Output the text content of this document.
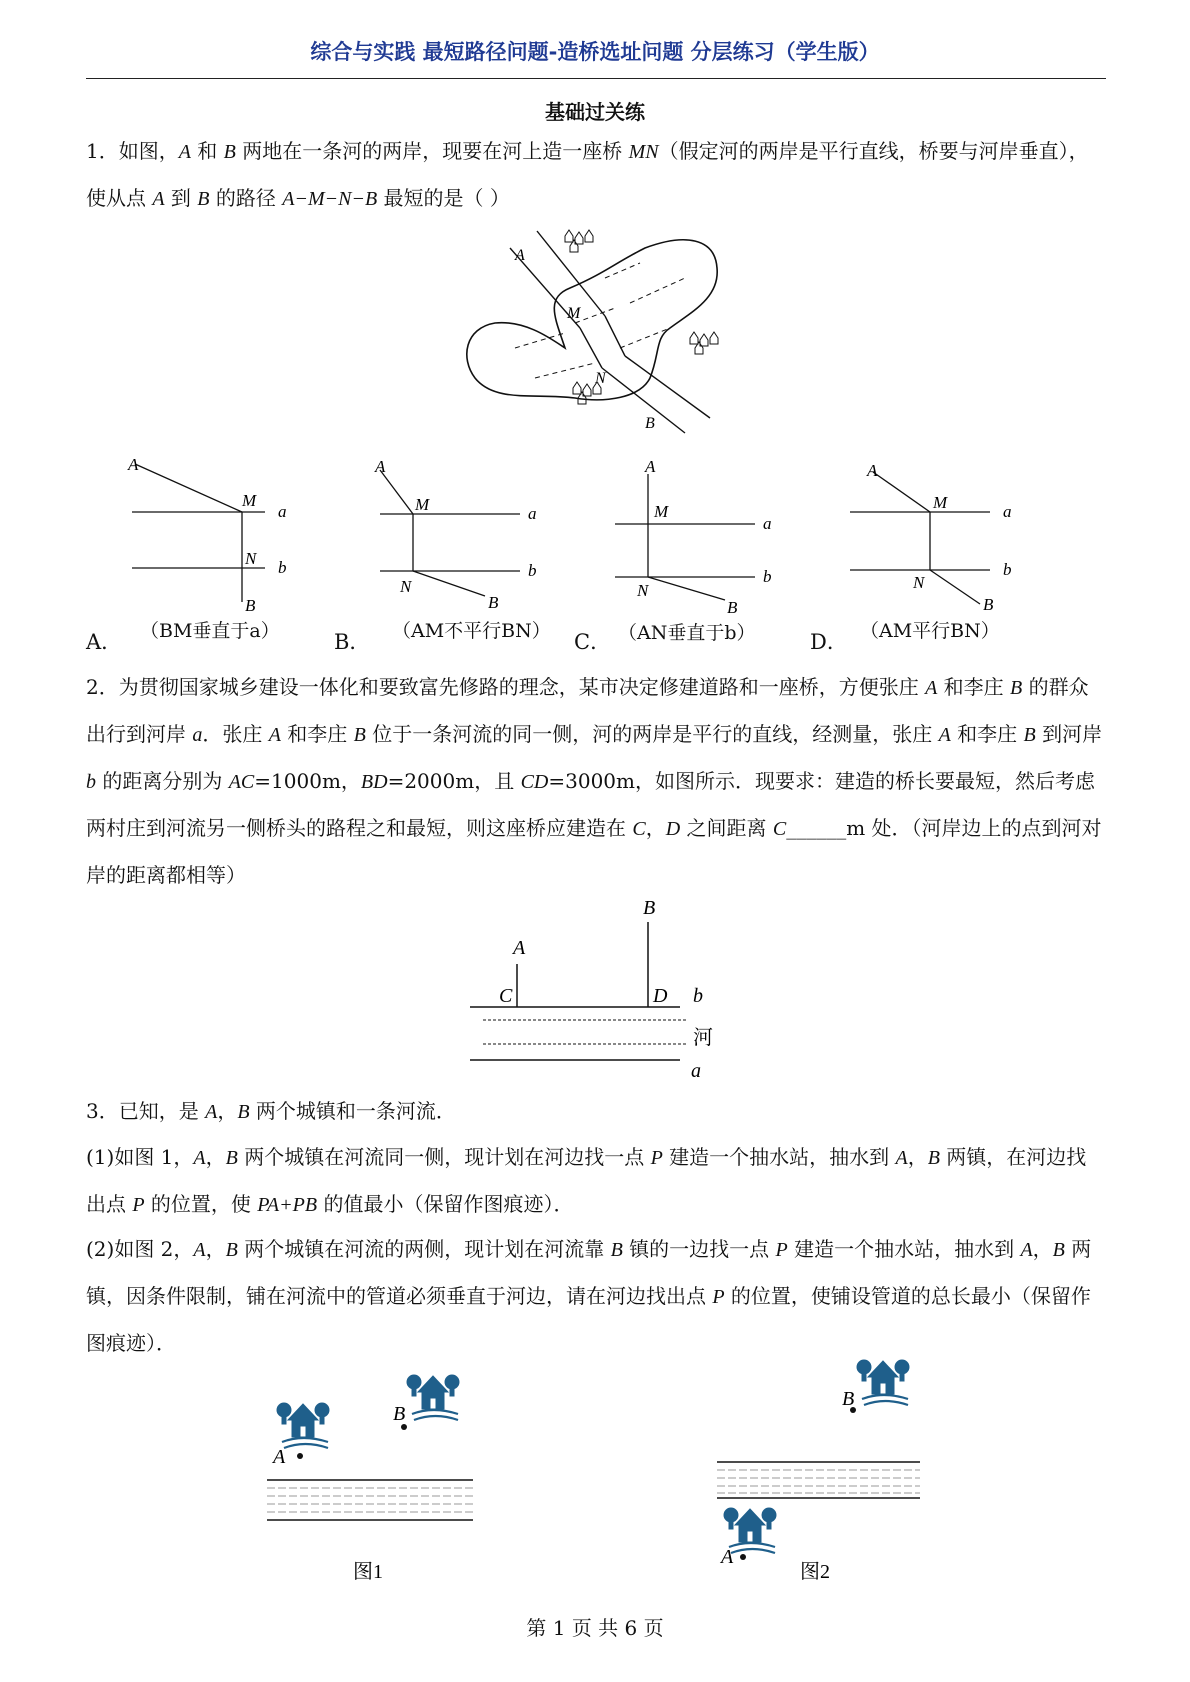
综合与实践 最短路径问题-造桥选址问题 分层练习（学生版）
基础过关练
1．如图，A 和 B 两地在一条河的两岸，现要在河上造一座桥 MN（假定河的两岸是平行直线，桥要与河岸垂直），使从点 A 到 B 的路径 A−M−N−B 最短的是（ ）
M
N
A
B
A
M
a
N b
B
（BM垂直于a）
A．
A
M	a
N
b
B
（AM不平行BN）
B．
A
M
a
N
b
B
（AN垂直于b）
C．
A
M	a
N
b
B
（AM平行BN）
D．
2．为贯彻国家城乡建设一体化和要致富先修路的理念，某市决定修建道路和一座桥，方便张庄 A 和李庄 B 的群众出行到河岸 a．张庄 A 和李庄 B 位于一条河流的同一侧，河的两岸是平行的直线，经测量，张庄 A 和李庄 B 到河岸 b 的距离分别为 AC=1000m，BD=2000m，且 CD=3000m，如图所示．现要求：建造的桥长要最短，然后考虑两村庄到河流另一侧桥头的路程之和最短，则这座桥应建造在 C，D 之间距离 C______m 处．（河岸边上的点到河对岸的距离都相等）
A
B
C	D b
河
a
3．已知，是 A，B 两个城镇和一条河流．
(1)如图 1，A，B 两个城镇在河流同一侧，现计划在河边找一点 P 建造一个抽水站，抽水到 A，B 两镇，在河边找出点 P 的位置，使 PA+PB 的值最小（保留作图痕迹）．
(2)如图 2，A，B 两个城镇在河流的两侧，现计划在河流靠 B 镇的一边找一点 P 建造一个抽水站，抽水到 A，B 两镇，因条件限制，铺在河流中的管道必须垂直于河边，请在河边找出点 P 的位置，使铺设管道的总长最小（保留作图痕迹）．
A
B
图1
B
A
图2
第 1 页 共 6 页
